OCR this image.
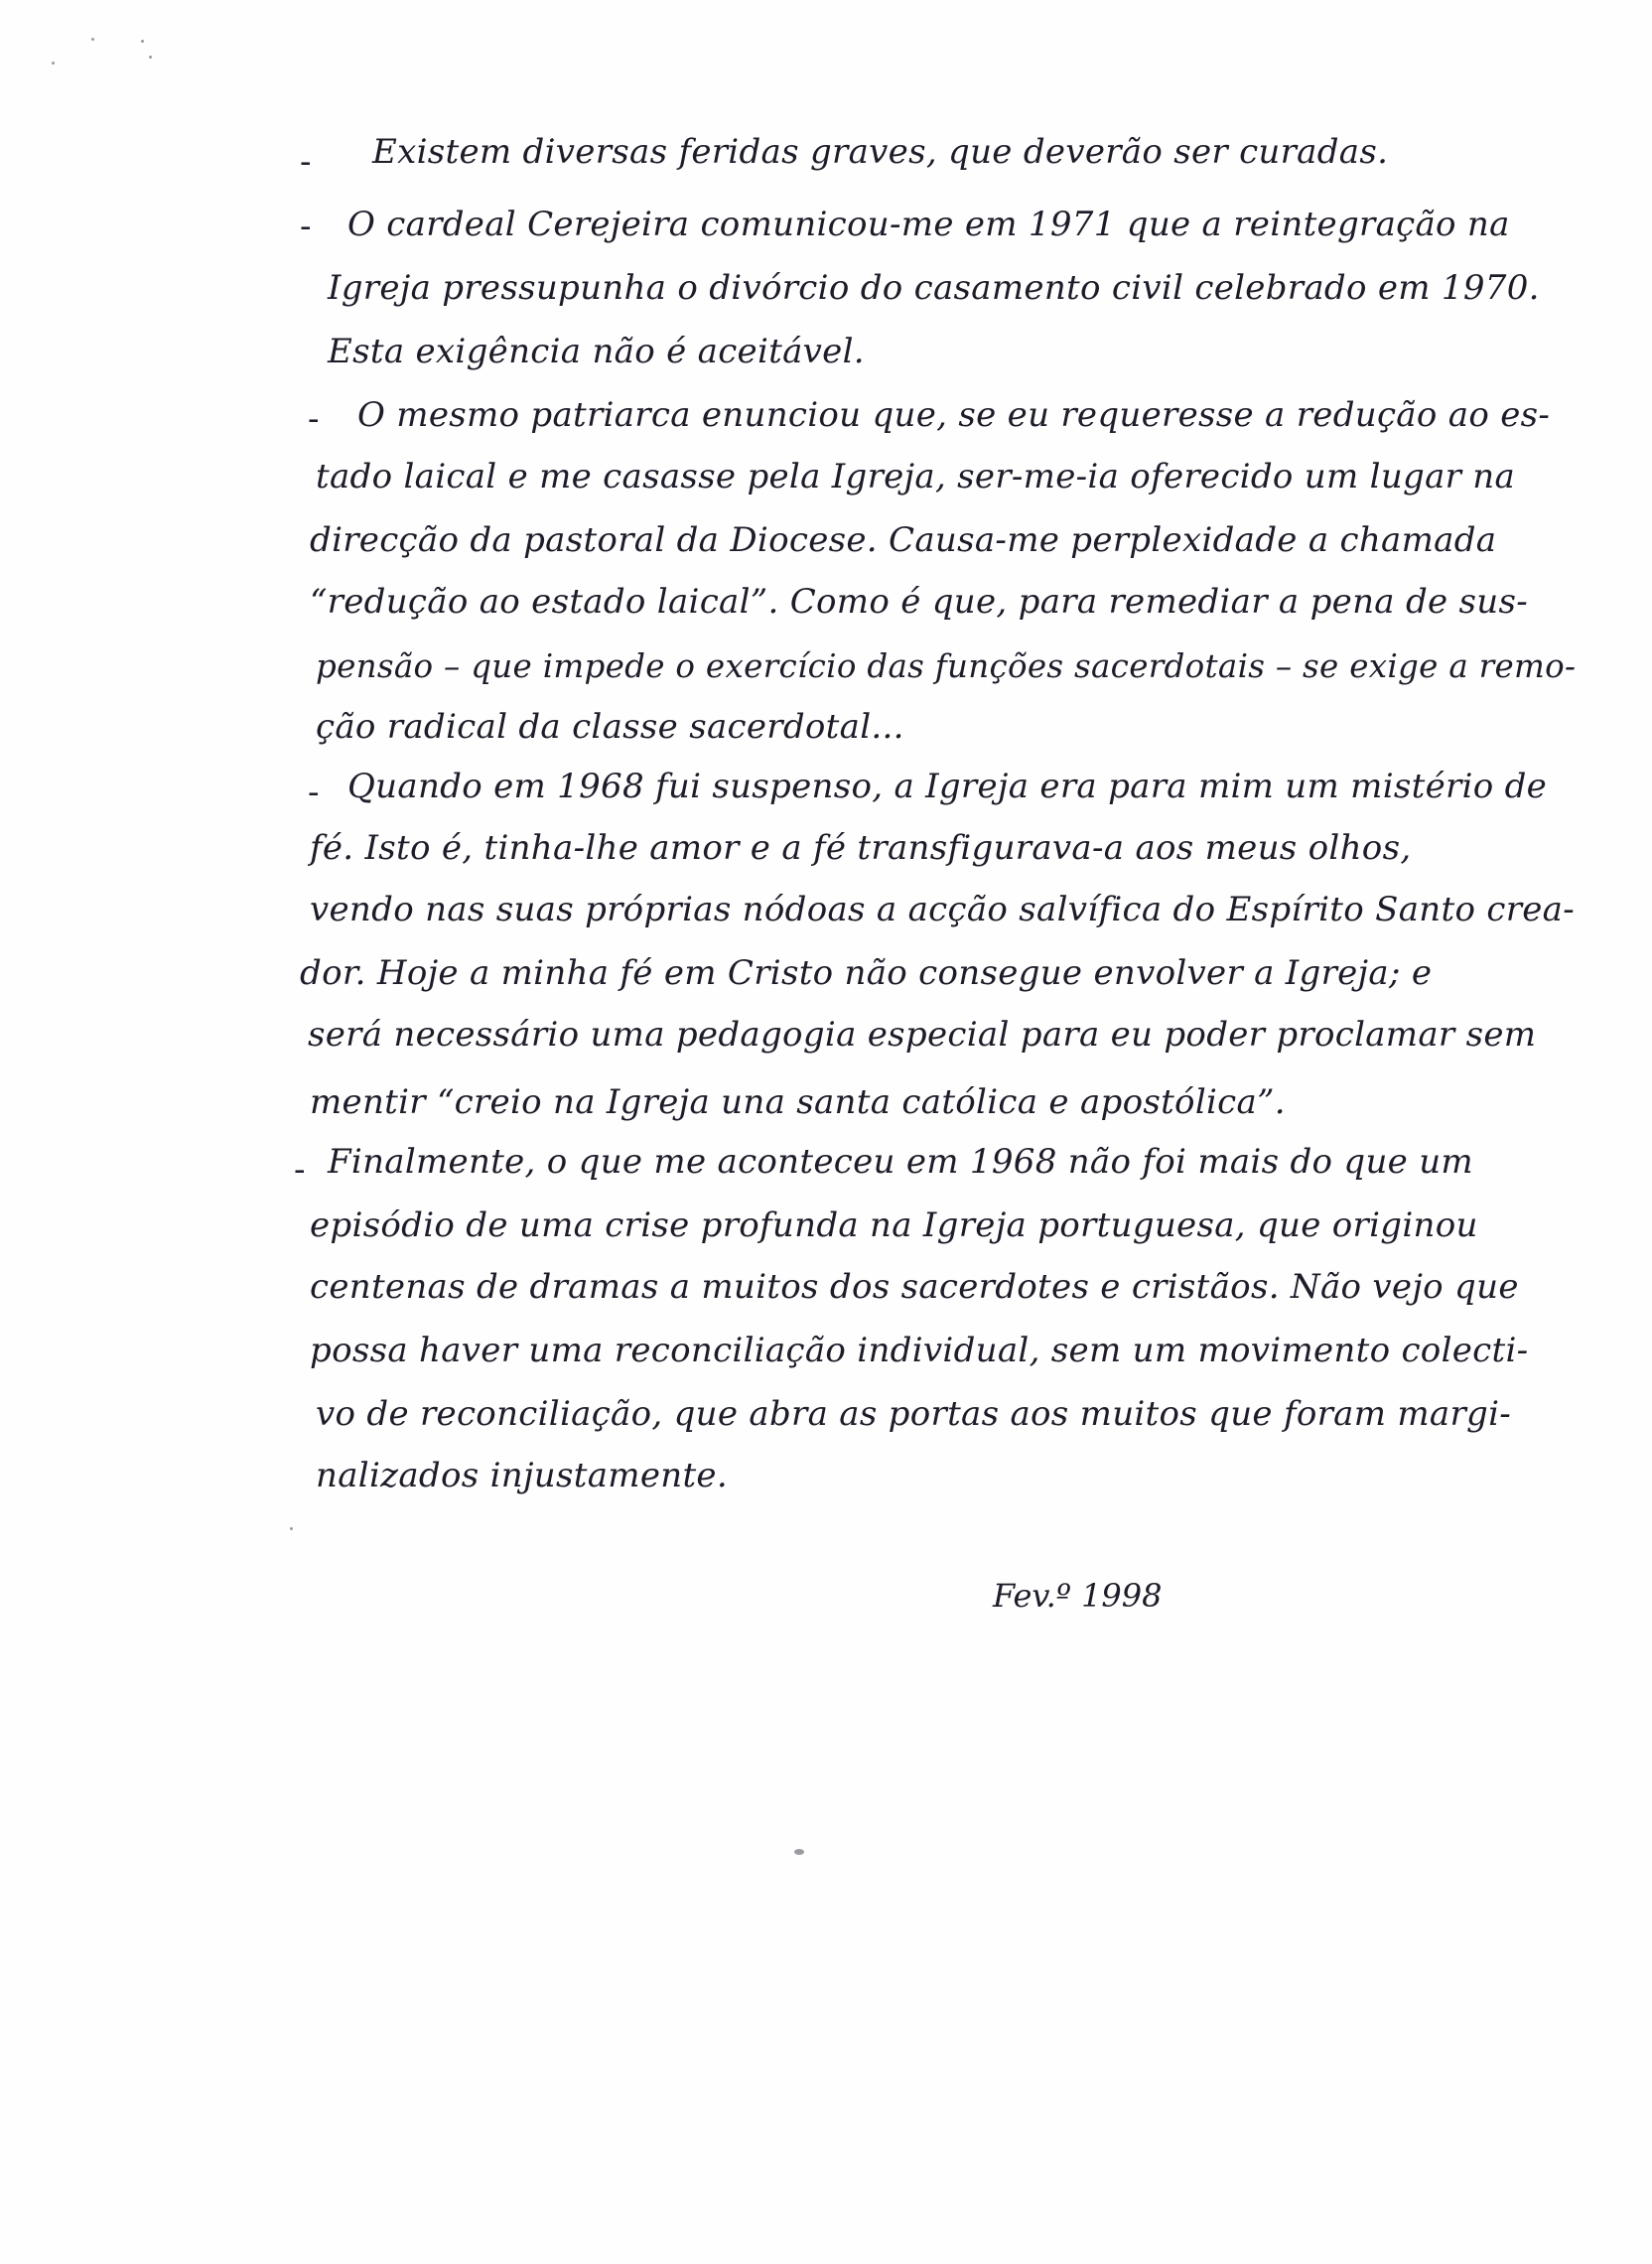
- Existem diversas feridas graves, que deverão ser curadas.
- O cardeal Cerejeira comunicou-me em 1971 que a reintegração na
Igreja pressupunha o divórcio do casamento civil celebrado em 1970.
Esta exigência não é aceitável.
- O mesmo patriarca enunciou que, se eu requeresse a redução ao es-
tado laical e me casasse pela Igreja, ser-me-ia oferecido um lugar na
direcção da pastoral da Diocese. Causa-me perplexidade a chamada
“redução ao estado laical”. Como é que, para remediar a pena de sus-
pensão – que impede o exercício das funções sacerdotais – se exige a remo-
ção radical da classe sacerdotal...
- Quando em 1968 fui suspenso, a Igreja era para mim um mistério de
fé. Isto é, tinha-lhe amor e a fé transfigurava-a aos meus olhos,
vendo nas suas próprias nódoas a acção salvífica do Espírito Santo crea-
dor. Hoje a minha fé em Cristo não consegue envolver a Igreja; e
será necessário uma pedagogia especial para eu poder proclamar sem
mentir “creio na Igreja una santa católica e apostólica”.
- Finalmente, o que me aconteceu em 1968 não foi mais do que um
episódio de uma crise profunda na Igreja portuguesa, que originou
centenas de dramas a muitos dos sacerdotes e cristãos. Não vejo que
possa haver uma reconciliação individual, sem um movimento colecti-
vo de reconciliação, que abra as portas aos muitos que foram margi-
nalizados injustamente.
Fev.º 1998
